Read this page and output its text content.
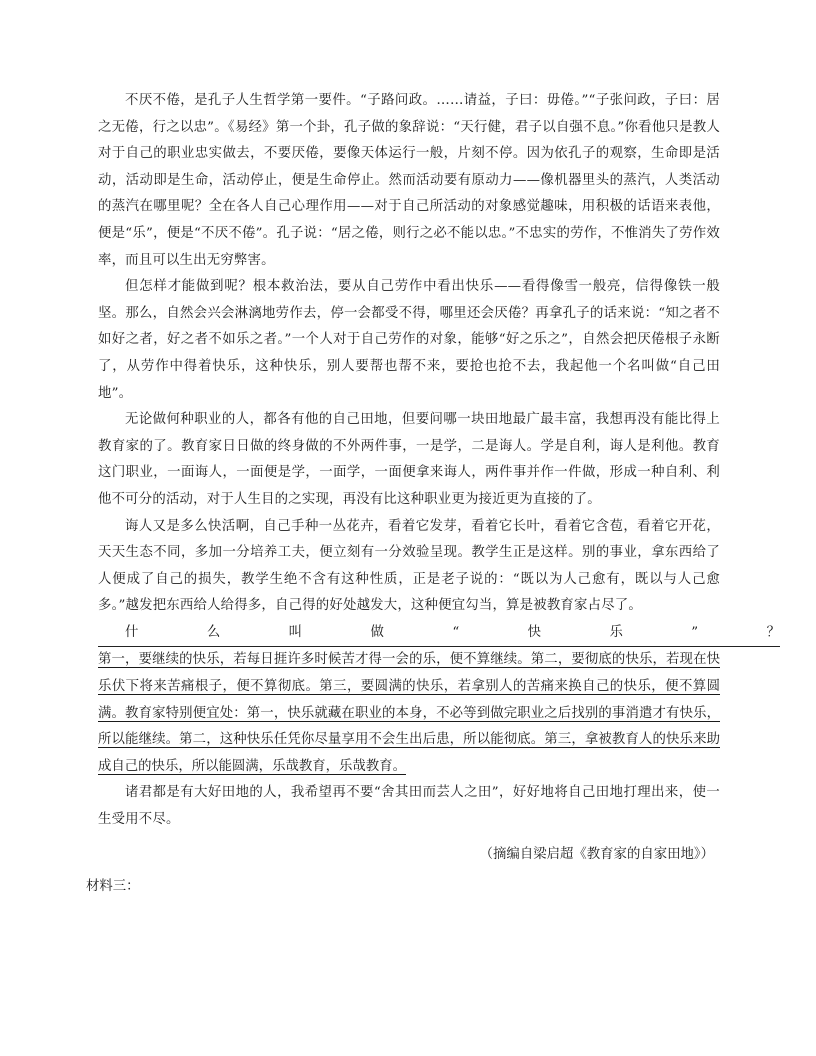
不厌不倦，是孔子人生哲学第一要件。“子路问政。……请益，子曰：毋倦。”“子张问政，子曰：居之无倦，行之以忠”。《易经》第一个卦，孔子做的象辞说：“天行健，君子以自强不息。”你看他只是教人对于自己的职业忠实做去，不要厌倦，要像天体运行一般，片刻不停。因为依孔子的观察，生命即是活动，活动即是生命，活动停止，便是生命停止。然而活动要有原动力——像机器里头的蒸汽，人类活动的蒸汽在哪里呢？全在各人自己心理作用——对于自己所活动的对象感觉趣味，用积极的话语来表他，便是“乐”，便是“不厌不倦”。孔子说：“居之倦，则行之必不能以忠。”不忠实的劳作，不惟消失了劳作效率，而且可以生出无穷弊害。

但怎样才能做到呢？根本救治法，要从自己劳作中看出快乐——看得像雪一般亮，信得像铁一般坚。那么，自然会兴会淋漓地劳作去，停一会都受不得，哪里还会厌倦？再拿孔子的话来说：“知之者不如好之者，好之者不如乐之者。”一个人对于自己劳作的对象，能够“好之乐之”，自然会把厌倦根子永断了，从劳作中得着快乐，这种快乐，别人要帮也帮不来，要抢也抢不去，我起他一个名叫做“自己田地”。

无论做何种职业的人，都各有他的自己田地，但要问哪一块田地最广最丰富，我想再没有能比得上教育家的了。教育家日日做的终身做的不外两件事，一是学，二是诲人。学是自利，诲人是利他。教育这门职业，一面诲人，一面便是学，一面学，一面便拿来诲人，两件事并作一件做，形成一种自利、利他不可分的活动，对于人生目的之实现，再没有比这种职业更为接近更为直接的了。

诲人又是多么快活啊，自己手种一丛花卉，看着它发芽，看着它长叶，看着它含苞，看着它开花，天天生态不同，多加一分培养工夫，便立刻有一分效验呈现。教学生正是这样。别的事业，拿东西给了人便成了自己的损失，教学生绝不含有这种性质，正是老子说的：“既以为人己愈有，既以与人己愈多。”越发把东西给人给得多，自己得的好处越发大，这种便宜勾当，算是被教育家占尽了。

什	么	叫	做	“	快	乐	”	？

第一，要继续的快乐，若每日捱许多时候苦才得一会的乐，便不算继续。第二，要彻底的快乐，若现在快乐伏下将来苦痛根子，便不算彻底。第三，要圆满的快乐，若拿别人的苦痛来换自己的快乐，便不算圆满。教育家特别便宜处：第一，快乐就藏在职业的本身，不必等到做完职业之后找别的事消遣才有快乐，所以能继续。第二，这种快乐任凭你尽量享用不会生出后患，所以能彻底。第三，拿被教育人的快乐来助成自己的快乐，所以能圆满，乐哉教育，乐哉教育。

诸君都是有大好田地的人，我希望再不要“舍其田而芸人之田”，好好地将自己田地打理出来，使一生受用不尽。

（摘编自梁启超《教育家的自家田地》）
材料三：
